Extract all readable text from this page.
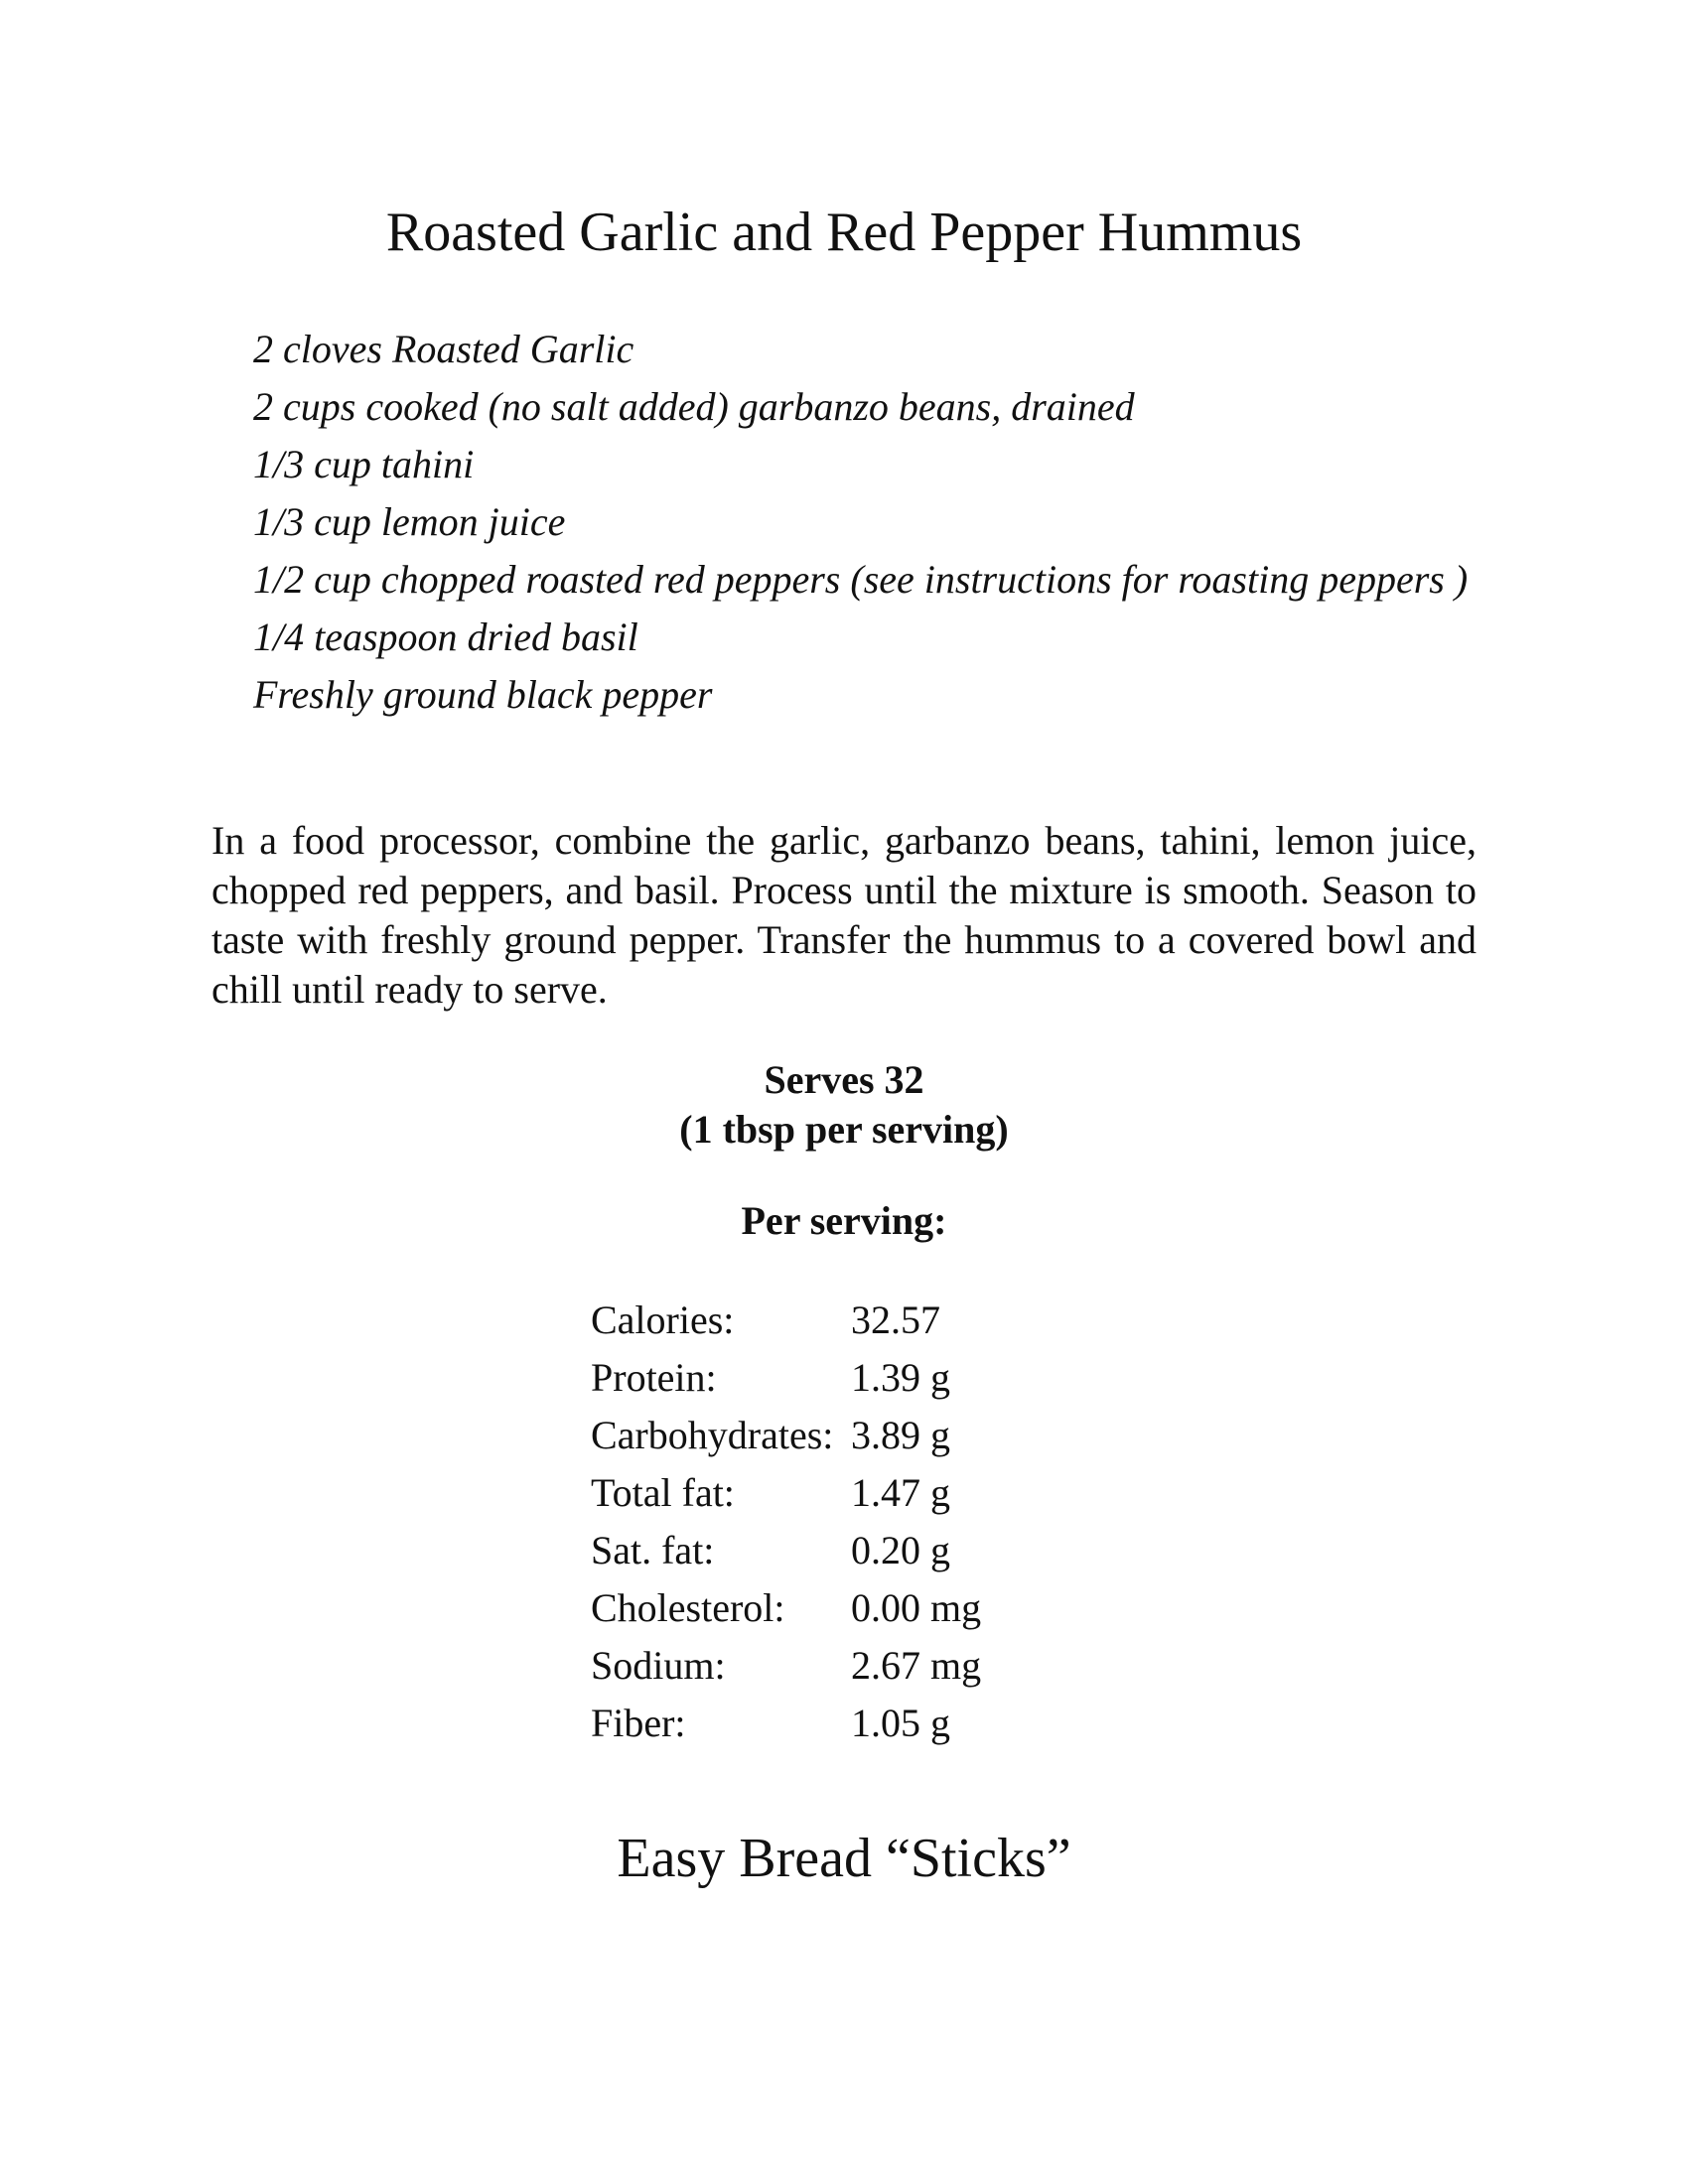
Roasted Garlic and Red Pepper Hummus
2 cloves Roasted Garlic
2 cups cooked (no salt added) garbanzo beans, drained
1/3 cup tahini
1/3 cup lemon juice
1/2 cup chopped roasted red peppers (see instructions for roasting peppers )
1/4 teaspoon dried basil
Freshly ground black pepper

In a food processor, combine the garlic, garbanzo beans, tahini, lemon juice, chopped red peppers, and basil. Process until the mixture is smooth. Season to taste with freshly ground pepper. Transfer the hummus to a covered bowl and chill until ready to serve.

Serves 32

(1 tbsp per serving)

Per serving:

Calories:	32.57
Protein:	1.39 g
Carbohydrates:	3.89 g
Total fat:	1.47 g
Sat. fat:	0.20 g
Cholesterol:	0.00 mg
Sodium:	2.67 mg
Fiber:	1.05 g
Easy Bread “Sticks”
